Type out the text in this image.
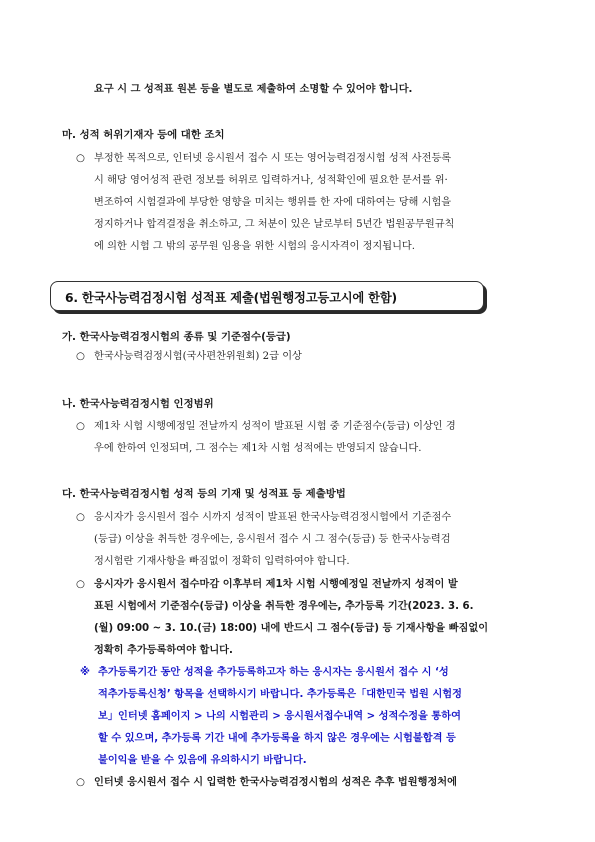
요구 시 그 성적표 원본 등을 별도로 제출하여 소명할 수 있어야 합니다.
마. 성적 허위기재자 등에 대한 조치
○ 부정한 목적으로, 인터넷 응시원서 접수 시 또는 영어능력검정시험 성적 사전등록
시 해당 영어성적 관련 정보를 허위로 입력하거나, 성적확인에 필요한 문서를 위·
변조하여 시험결과에 부당한 영향을 미치는 행위를 한 자에 대하여는 당해 시험을
정지하거나 합격결정을 취소하고, 그 처분이 있은 날로부터 5년간 법원공무원규칙
에 의한 시험 그 밖의 공무원 임용을 위한 시험의 응시자격이 정지됩니다.
6. 한국사능력검정시험 성적표 제출(법원행정고등고시에 한함)
가. 한국사능력검정시험의 종류 및 기준점수(등급)
○ 한국사능력검정시험(국사편찬위원회) 2급 이상
나. 한국사능력검정시험 인정범위
○ 제1차 시험 시행예정일 전날까지 성적이 발표된 시험 중 기준점수(등급) 이상인 경
우에 한하여 인정되며, 그 점수는 제1차 시험 성적에는 반영되지 않습니다.
다. 한국사능력검정시험 성적 등의 기재 및 성적표 등 제출방법
○ 응시자가 응시원서 접수 시까지 성적이 발표된 한국사능력검정시험에서 기준점수
(등급) 이상을 취득한 경우에는, 응시원서 접수 시 그 점수(등급) 등 한국사능력검
정시험란 기재사항을 빠짐없이 정확히 입력하여야 합니다.
○ 응시자가 응시원서 접수마감 이후부터 제1차 시험 시행예정일 전날까지 성적이 발
표된 시험에서 기준점수(등급) 이상을 취득한 경우에는, 추가등록 기간(2023. 3. 6.
(월) 09:00 ~ 3. 10.(금) 18:00) 내에 반드시 그 점수(등급) 등 기재사항을 빠짐없이
정확히 추가등록하여야 합니다.
※ 추가등록기간 동안 성적을 추가등록하고자 하는 응시자는 응시원서 접수 시 ‘성
적추가등록신청’ 항목을 선택하시기 바랍니다. 추가등록은「대한민국 법원 시험정
보」인터넷 홈페이지 > 나의 시험관리 > 응시원서접수내역 > 성적수정을 통하여
할 수 있으며, 추가등록 기간 내에 추가등록을 하지 않은 경우에는 시험불합격 등
불이익을 받을 수 있음에 유의하시기 바랍니다.
○ 인터넷 응시원서 접수 시 입력한 한국사능력검정시험의 성적은 추후 법원행정처에
